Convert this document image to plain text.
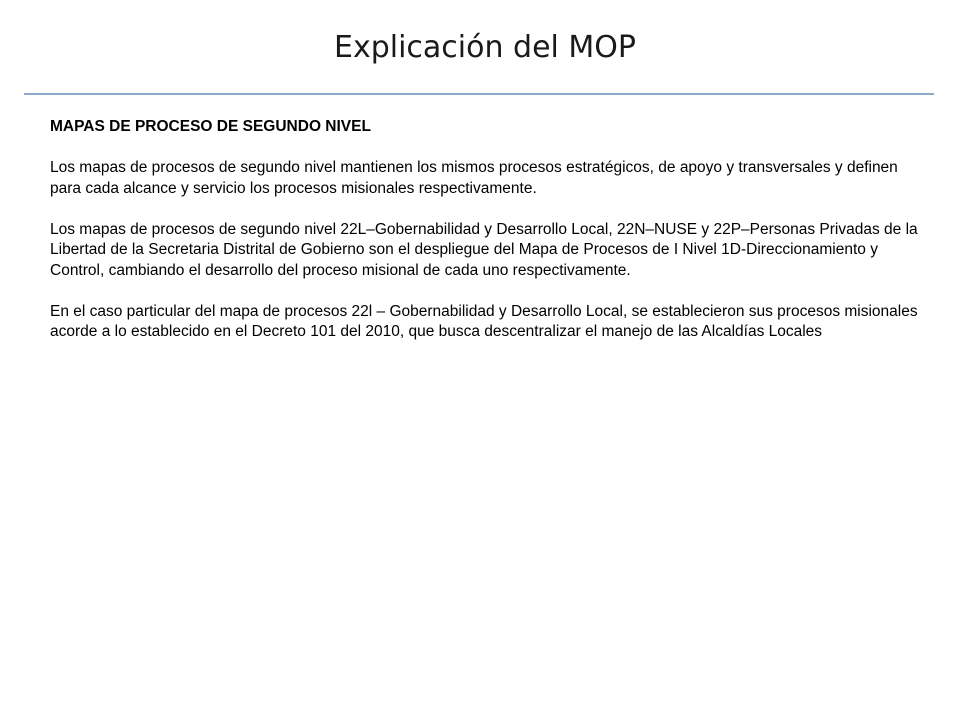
Explicación del MOP
MAPAS DE PROCESO DE SEGUNDO NIVEL
Los mapas de procesos de segundo nivel mantienen los mismos procesos estratégicos, de apoyo y transversales y definen para cada alcance y servicio los procesos misionales respectivamente.
Los mapas de procesos de segundo nivel 22L–Gobernabilidad y Desarrollo Local, 22N–NUSE y 22P–Personas Privadas de la Libertad de la Secretaria Distrital de Gobierno son el despliegue del Mapa de Procesos de I Nivel 1D-Direccionamiento y Control, cambiando el desarrollo del proceso misional de cada uno respectivamente.
En el caso particular del mapa de procesos 22l – Gobernabilidad y Desarrollo Local, se establecieron sus procesos misionales acorde a lo establecido en el Decreto 101 del 2010, que busca descentralizar el manejo de las Alcaldías Locales
